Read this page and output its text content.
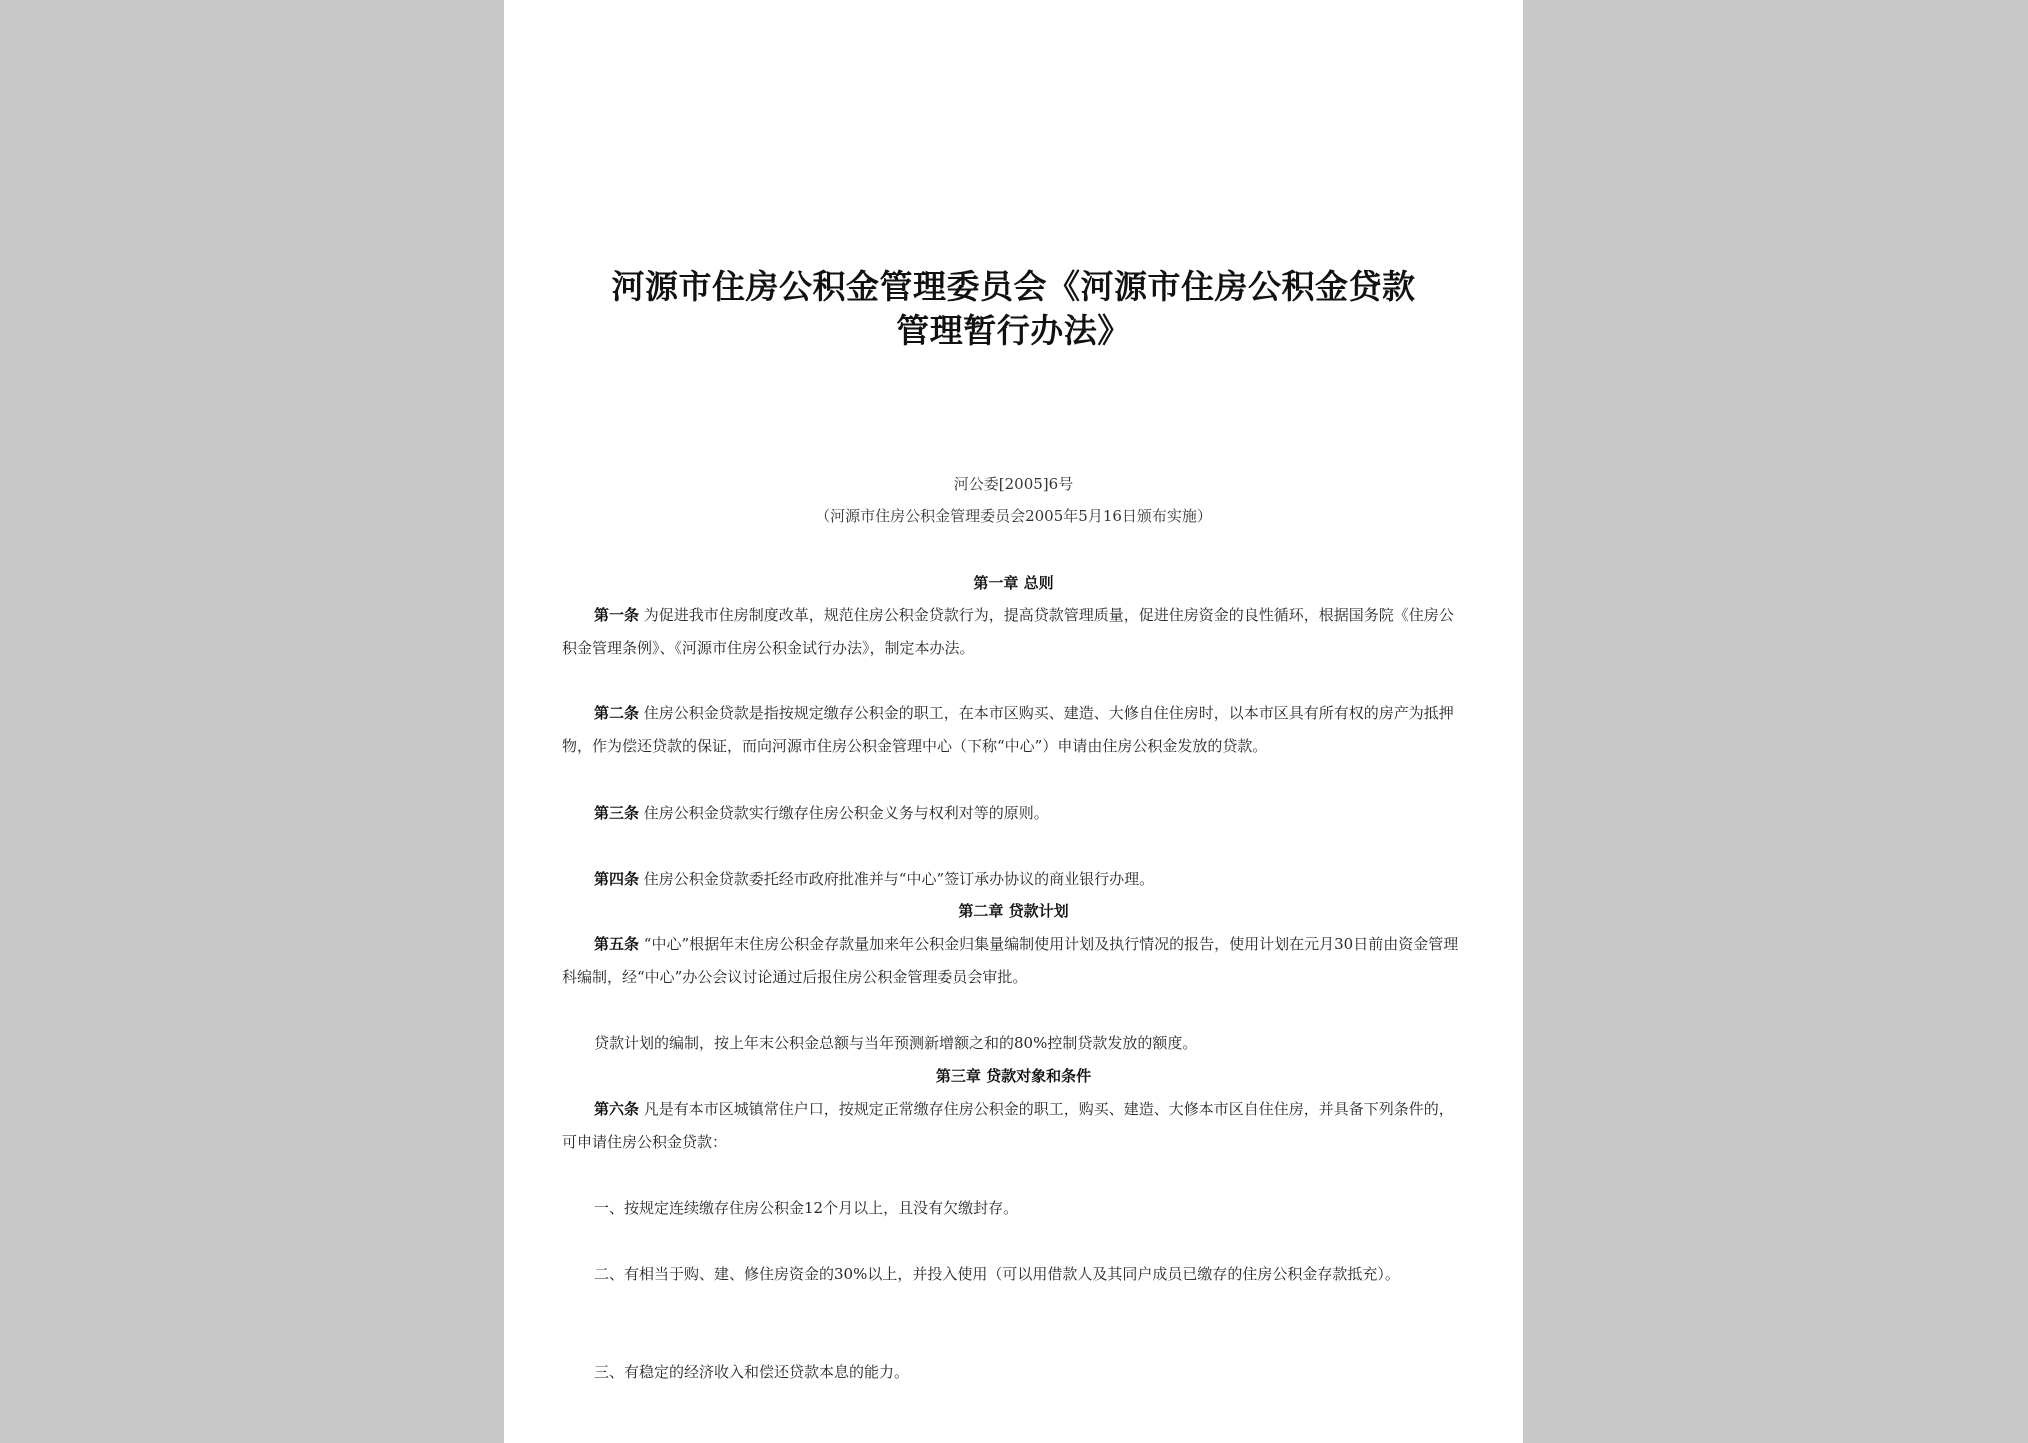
河源市住房公积金管理委员会《河源市住房公积金贷款
管理暂行办法》
河公委[2005]6号
（河源市住房公积金管理委员会2005年5月16日颁布实施）
第一章 总则

第一条 为促进我市住房制度改革，规范住房公积金贷款行为，提高贷款管理质量，促进住房资金的良性循环，根据国务院《住房公积金管理条例》、《河源市住房公积金试行办法》，制定本办法。

第二条 住房公积金贷款是指按规定缴存公积金的职工，在本市区购买、建造、大修自住住房时，以本市区具有所有权的房产为抵押物，作为偿还贷款的保证，而向河源市住房公积金管理中心（下称“中心”）申请由住房公积金发放的贷款。

第三条 住房公积金贷款实行缴存住房公积金义务与权利对等的原则。

第四条 住房公积金贷款委托经市政府批准并与“中心”签订承办协议的商业银行办理。

第二章 贷款计划

第五条 “中心”根据年末住房公积金存款量加来年公积金归集量编制使用计划及执行情况的报告，使用计划在元月30日前由资金管理科编制，经“中心”办公会议讨论通过后报住房公积金管理委员会审批。

贷款计划的编制，按上年末公积金总额与当年预测新增额之和的80%控制贷款发放的额度。

第三章 贷款对象和条件

第六条 凡是有本市区城镇常住户口，按规定正常缴存住房公积金的职工，购买、建造、大修本市区自住住房，并具备下列条件的，可申请住房公积金贷款：

一、按规定连续缴存住房公积金12个月以上，且没有欠缴封存。

二、有相当于购、建、修住房资金的30%以上，并投入使用（可以用借款人及其同户成员已缴存的住房公积金存款抵充）。

三、有稳定的经济收入和偿还贷款本息的能力。
